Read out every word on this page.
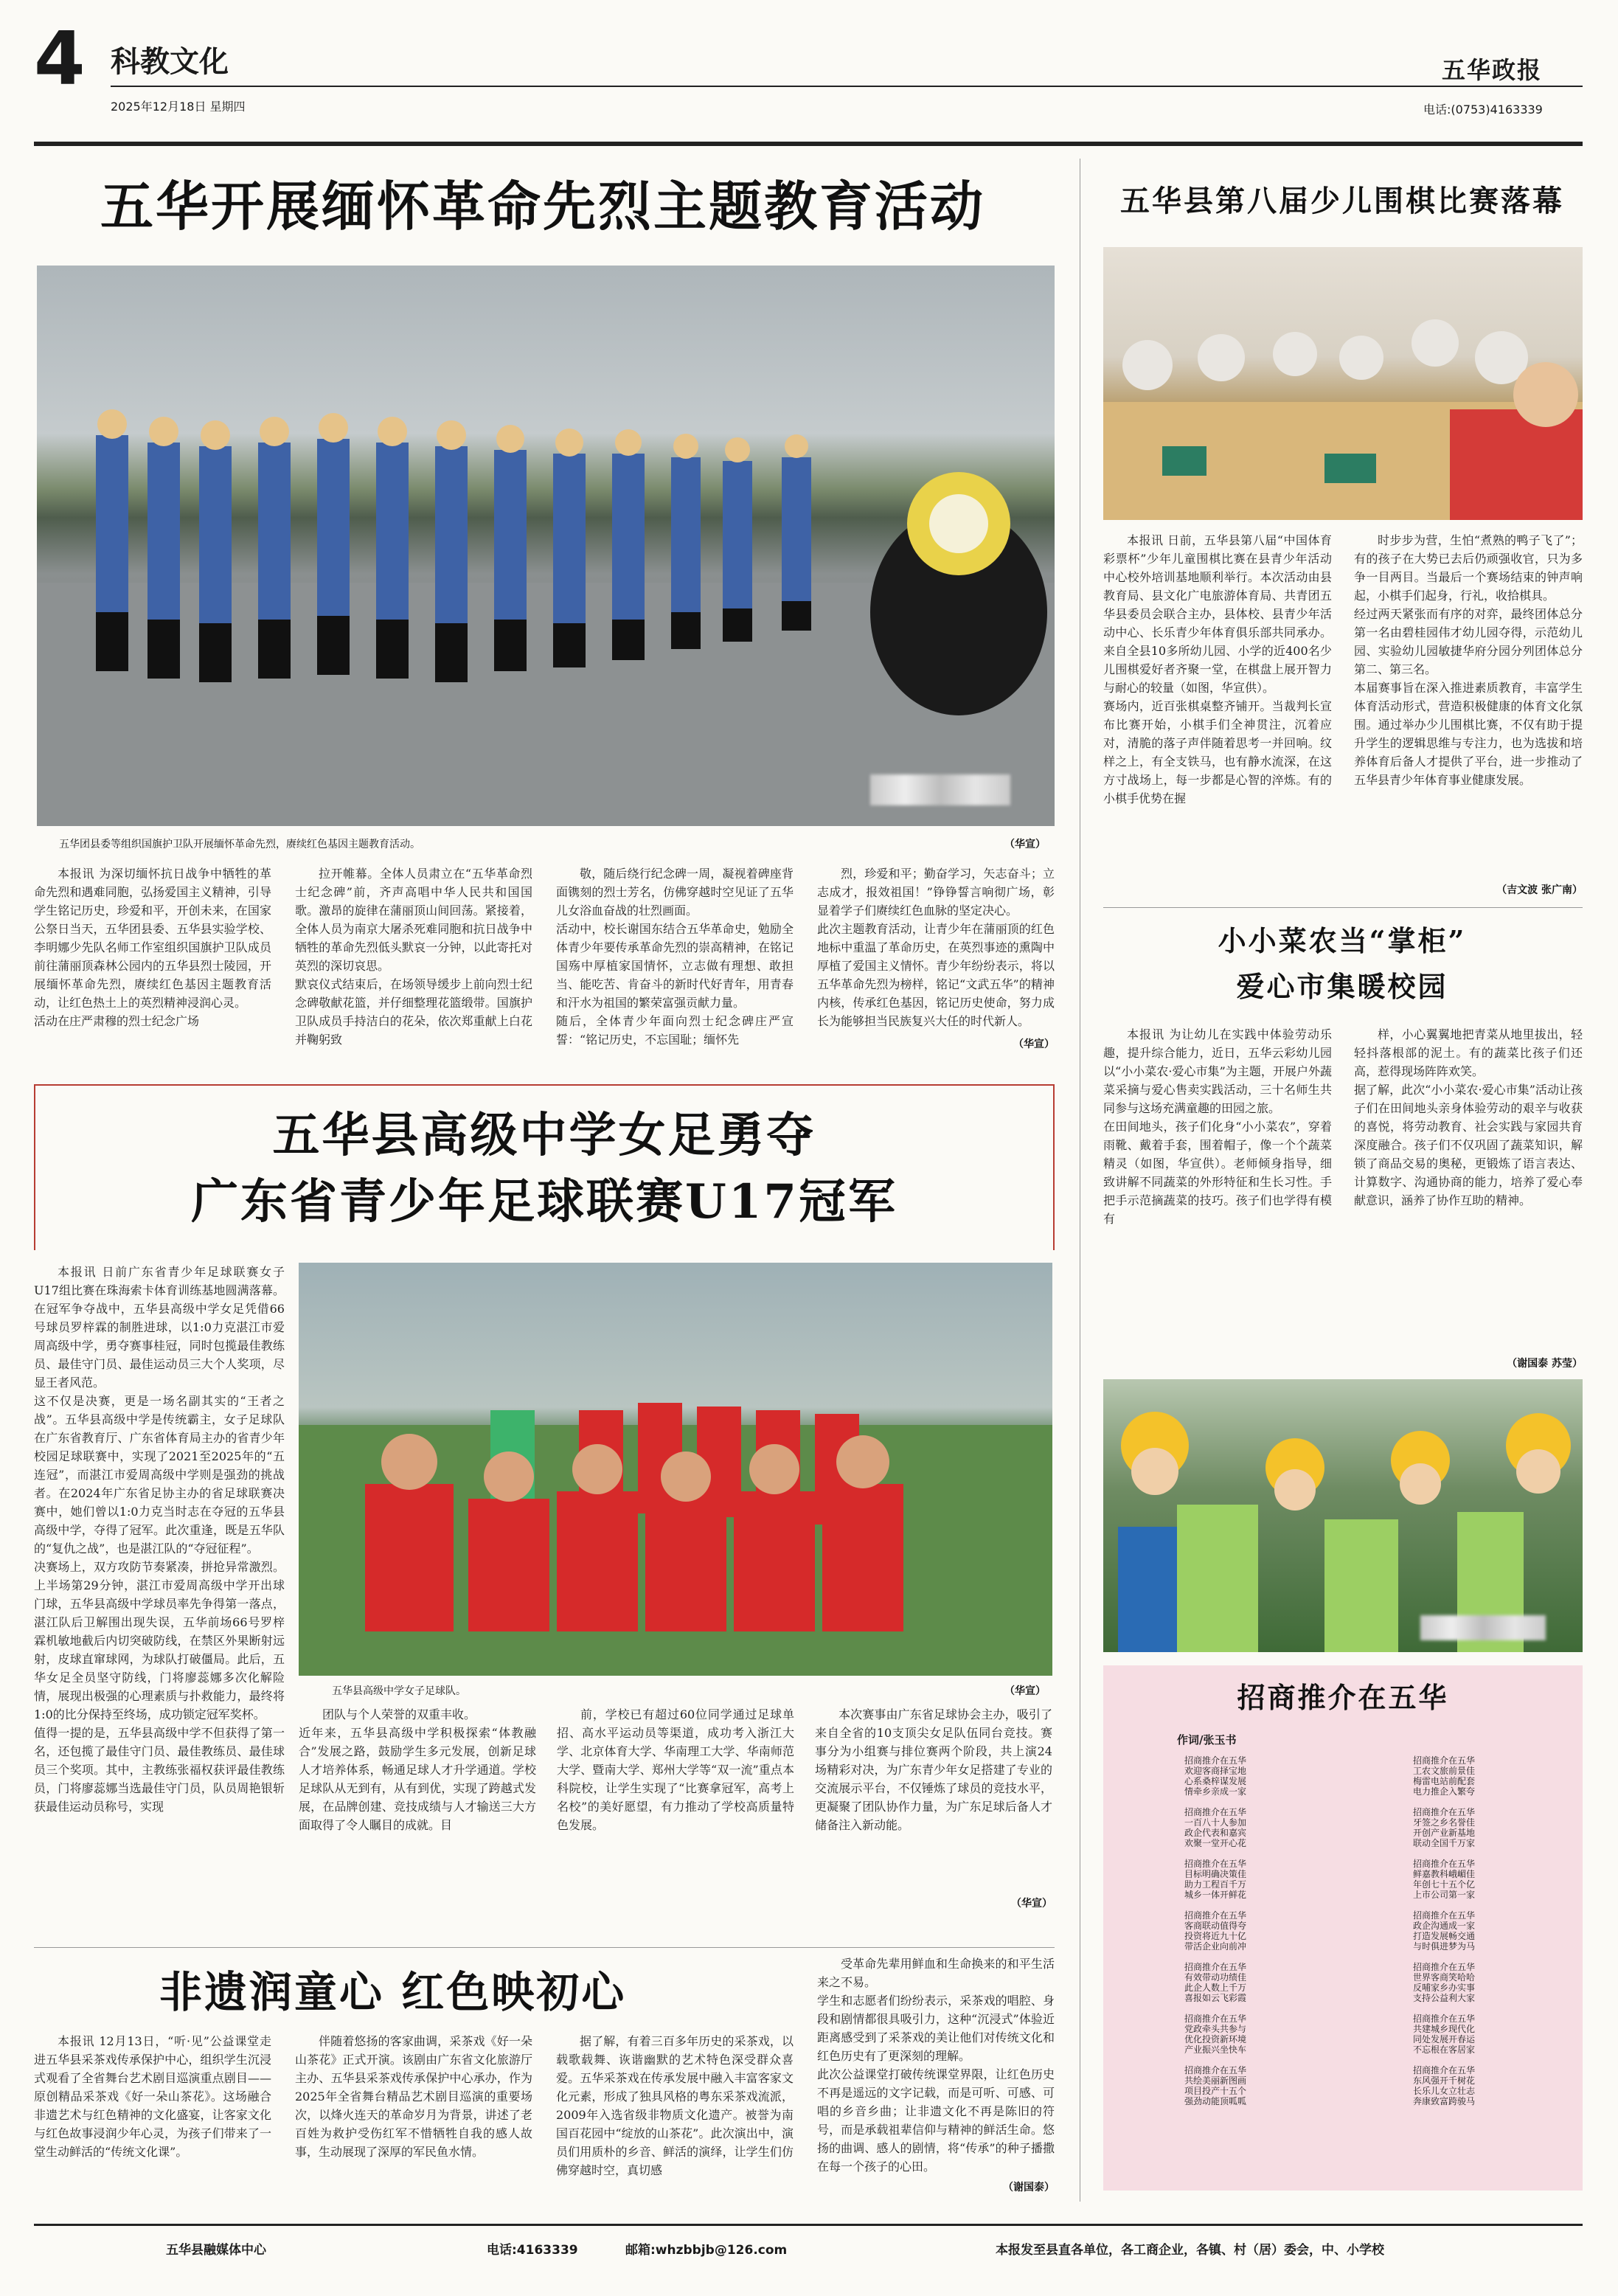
4 科教文化
2025年12月18日 星期四
五华政报
电话:(0753)4163339
五华开展缅怀革命先烈主题教育活动
五华团县委等组织国旗护卫队开展缅怀革命先烈，赓续红色基因主题教育活动。	（华宣）

本报讯 为深切缅怀抗日战争中牺牲的革命先烈和遇难同胞，弘扬爱国主义精神，引导学生铭记历史，珍爱和平，开创未来，在国家公祭日当天，五华团县委、五华县实验学校、李明娜少先队名师工作室组织国旗护卫队成员前往蒲丽顶森林公园内的五华县烈士陵园，开展缅怀革命先烈，赓续红色基因主题教育活动，让红色热土上的英烈精神浸润心灵。
活动在庄严肃穆的烈士纪念广场

拉开帷幕。全体人员肃立在“五华革命烈士纪念碑”前，齐声高唱中华人民共和国国歌。激昂的旋律在蒲丽顶山间回荡。紧接着，全体人员为南京大屠杀死难同胞和抗日战争中牺牲的革命先烈低头默哀一分钟，以此寄托对英烈的深切哀思。
默哀仪式结束后，在场领导缓步上前向烈士纪念碑敬献花篮，并仔细整理花篮缎带。国旗护卫队成员手持洁白的花朵，依次郑重献上白花并鞠躬致

敬，随后绕行纪念碑一周，凝视着碑座背面镌刻的烈士芳名，仿佛穿越时空见证了五华儿女浴血奋战的壮烈画面。
活动中，校长谢国东结合五华革命史，勉励全体青少年要传承革命先烈的崇高精神，在铭记国殇中厚植家国情怀，立志做有理想、敢担当、能吃苦、肯奋斗的新时代好青年，用青春和汗水为祖国的繁荣富强贡献力量。
随后，全体青少年面向烈士纪念碑庄严宣誓：“铭记历史，不忘国耻；缅怀先

烈，珍爱和平；勤奋学习，矢志奋斗；立志成才，报效祖国！”铮铮誓言响彻广场，彰显着学子们赓续红色血脉的坚定决心。
此次主题教育活动，让青少年在蒲丽顶的红色地标中重温了革命历史，在英烈事迹的熏陶中厚植了爱国主义情怀。青少年纷纷表示，将以五华革命先烈为榜样，铭记“文武五华”的精神内核，传承红色基因，铭记历史使命，努力成长为能够担当民族复兴大任的时代新人。

（华宣）
五华县第八届少儿围棋比赛落幕

本报讯 日前，五华县第八届“中国体育彩票杯”少年儿童围棋比赛在县青少年活动中心校外培训基地顺利举行。本次活动由县教育局、县文化广电旅游体育局、共青团五华县委员会联合主办，县体校、县青少年活动中心、长乐青少年体育俱乐部共同承办。来自全县10多所幼儿园、小学的近400名少儿围棋爱好者齐聚一堂，在棋盘上展开智力与耐心的较量（如图，华宣供）。
赛场内，近百张棋桌整齐铺开。当裁判长宣布比赛开始，小棋手们全神贯注，沉着应对，清脆的落子声伴随着思考一并回响。纹样之上，有全支铁马，也有静水流深，在这方寸战场上，每一步都是心智的淬炼。有的小棋手优势在握

时步步为营，生怕“煮熟的鸭子飞了”；有的孩子在大势已去后仍顽强收官，只为多争一目两目。当最后一个赛场结束的钟声响起，小棋手们起身，行礼，收拾棋具。
经过两天紧张而有序的对弈，最终团体总分第一名由碧桂园伟才幼儿园夺得，示范幼儿园、实验幼儿园敏捷华府分园分列团体总分第二、第三名。
本届赛事旨在深入推进素质教育，丰富学生体育活动形式，营造积极健康的体育文化氛围。通过举办少儿围棋比赛，不仅有助于提升学生的逻辑思维与专注力，也为选拔和培养体育后备人才提供了平台，进一步推动了五华县青少年体育事业健康发展。

（吉文波 张广南）
小小菜农当“掌柜”
爱心市集暖校园

本报讯 为让幼儿在实践中体验劳动乐趣，提升综合能力，近日，五华云彩幼儿园以“小小菜农·爱心市集”为主题，开展户外蔬菜采摘与爱心售卖实践活动，三十名师生共同参与这场充满童趣的田园之旅。
在田间地头，孩子们化身“小小菜农”，穿着雨靴、戴着手套，围着帽子，像一个个蔬菜精灵（如图，华宣供）。老师倾身指导，细致讲解不同蔬菜的外形特征和生长习性。手把手示范摘蔬菜的技巧。孩子们也学得有模有

样，小心翼翼地把青菜从地里拔出，轻轻抖落根部的泥土。有的蔬菜比孩子们还高，惹得现场阵阵欢笑。
据了解，此次“小小菜农·爱心市集”活动让孩子们在田间地头亲身体验劳动的艰辛与收获的喜悦，将劳动教育、社会实践与家园共育深度融合。孩子们不仅巩固了蔬菜知识，解锁了商品交易的奥秘，更锻炼了语言表达、计算数字、沟通协商的能力，培养了爱心奉献意识，涵养了协作互助的精神。

（谢国泰 苏莹）
五华县高级中学女足勇夺
广东省青少年足球联赛U17冠军

本报讯 日前广东省青少年足球联赛女子U17组比赛在珠海索卡体育训练基地圆满落幕。在冠军争夺战中，五华县高级中学女足凭借66号球员罗梓霖的制胜进球，以1:0力克湛江市爱周高级中学，勇夺赛事桂冠，同时包揽最佳教练员、最佳守门员、最佳运动员三大个人奖项，尽显王者风范。
这不仅是决赛，更是一场名副其实的“王者之战”。五华县高级中学是传统霸主，女子足球队在广东省教育厅、广东省体育局主办的省青少年校园足球联赛中，实现了2021至2025年的“五连冠”，而湛江市爱周高级中学则是强劲的挑战者。在2024年广东省足协主办的省足球联赛决赛中，她们曾以1:0力克当时志在夺冠的五华县高级中学，夺得了冠军。此次重逢，既是五华队的“复仇之战”，也是湛江队的“夺冠征程”。
决赛场上，双方攻防节奏紧凑，拼抢异常激烈。上半场第29分钟，湛江市爱周高级中学开出球门球，五华县高级中学球员率先争得第一落点，湛江队后卫解围出现失误，五华前场66号罗梓霖机敏地截后内切突破防线，在禁区外果断射远射，皮球直窜球网，为球队打破僵局。此后，五华女足全员坚守防线，门将廖蕊娜多次化解险情，展现出极强的心理素质与扑救能力，最终将1:0的比分保持至终场，成功锁定冠军奖杯。
值得一提的是，五华县高级中学不但获得了第一名，还包揽了最佳守门员、最佳教练员、最佳球员三个奖项。其中，主教练张福权获评最佳教练员，门将廖蕊娜当选最佳守门员，队员周艳银斩获最佳运动员称号，实现

五华县高级中学女子足球队。	（华宣）

团队与个人荣誉的双重丰收。
近年来，五华县高级中学积极探索“体教融合”发展之路，鼓励学生多元发展，创新足球人才培养体系，畅通足球人才升学通道。学校足球队从无到有，从有到优，实现了跨越式发展，在品牌创建、竞技成绩与人才输送三大方面取得了令人瞩目的成就。目

前，学校已有超过60位同学通过足球单招、高水平运动员等渠道，成功考入浙江大学、北京体育大学、华南理工大学、华南师范大学、暨南大学、郑州大学等“双一流”重点本科院校，让学生实现了“比赛拿冠军，高考上名校”的美好愿望，有力推动了学校高质量特色发展。

本次赛事由广东省足球协会主办，吸引了来自全省的10支顶尖女足队伍同台竞技。赛事分为小组赛与排位赛两个阶段，共上演24场精彩对决，为广东青少年女足搭建了专业的交流展示平台，不仅锤炼了球员的竞技水平，更凝聚了团队协作力量，为广东足球后备人才储备注入新动能。

（华宣）
非遗润童心 红色映初心

本报讯 12月13日，“听·见”公益课堂走进五华县采茶戏传承保护中心，组织学生沉浸式观看了全省舞台艺术剧目巡演重点剧目——原创精品采茶戏《好一朵山茶花》。这场融合非遗艺术与红色精神的文化盛宴，让客家文化与红色故事浸润少年心灵，为孩子们带来了一堂生动鲜活的“传统文化课”。

伴随着悠扬的客家曲调，采茶戏《好一朵山茶花》正式开演。该剧由广东省文化旅游厅主办、五华县采茶戏传承保护中心承办，作为2025年全省舞台精品艺术剧目巡演的重要场次，以烽火连天的革命岁月为背景，讲述了老百姓为救护受伤红军不惜牺牲自我的感人故事，生动展现了深厚的军民鱼水情。

据了解，有着三百多年历史的采茶戏，以载歌载舞、诙谐幽默的艺术特色深受群众喜爱。五华采茶戏在传承发展中融入丰富客家文化元素，形成了独具风格的粤东采茶戏流派，2009年入选省级非物质文化遗产。被誉为南国百花园中“绽放的山茶花”。此次演出中，演员们用质朴的乡音、鲜活的演绎，让学生们仿佛穿越时空，真切感

受革命先辈用鲜血和生命换来的和平生活来之不易。
学生和志愿者们纷纷表示，采茶戏的唱腔、身段和剧情都很具吸引力，这种“沉浸式”体验近距离感受到了采茶戏的美让他们对传统文化和红色历史有了更深刻的理解。
此次公益课堂打破传统课堂界限，让红色历史不再是遥远的文字记载，而是可听、可感、可唱的乡音乡曲；让非遗文化不再是陈旧的符号，而是承载祖辈信仰与精神的鲜活生命。悠扬的曲调、感人的剧情，将“传承”的种子播撒在每一个孩子的心田。

（谢国泰）
招商推介在五华
作词/张玉书
招商推介在五华
欢迎客商择宝地
心系桑梓谋发展
情牵乡亲成一家

招商推介在五华
一百八十人参加
政企代表和嘉宾
欢聚一堂开心花

招商推介在五华
目标明确决策佳
助力工程百千万
城乡一体开鲜花

招商推介在五华
客商联动值得夸
投资将近九十亿
带活企业向前冲

招商推介在五华
有效带动功绩佳
此企人数上千万
喜报如云飞彩霞

招商推介在五华
党政牵头共参与
优化投资新环境
产业振兴坐快车

招商推介在五华
共绘美丽新图画
项目投产十五个
强劲动能顶呱呱
招商推介在五华
工农文旅前景佳
梅雷电站前配套
电力推企入繁夸

招商推介在五华
牙签之乡名誉佳
开创产业新基地
联动全国千万家

招商推介在五华
鲜嘉教科峨嵋佳
年创七十五个亿
上市公司第一家

招商推介在五华
政企沟通成一家
打造发展畅交通
与时俱进梦为马

招商推介在五华
世界客商笑哈哈
反哺家乡办实事
支持公益利大家

招商推介在五华
共建城乡现代化
同处发展开春运
不忘根在客居家

招商推介在五华
东风强开千树花
长乐儿女立壮志
奔康致富跨骏马
五华县融媒体中心	电话:4163339	邮箱:whzbbjb@126.com	本报发至县直各单位，各工商企业，各镇、村（居）委会，中、小学校
